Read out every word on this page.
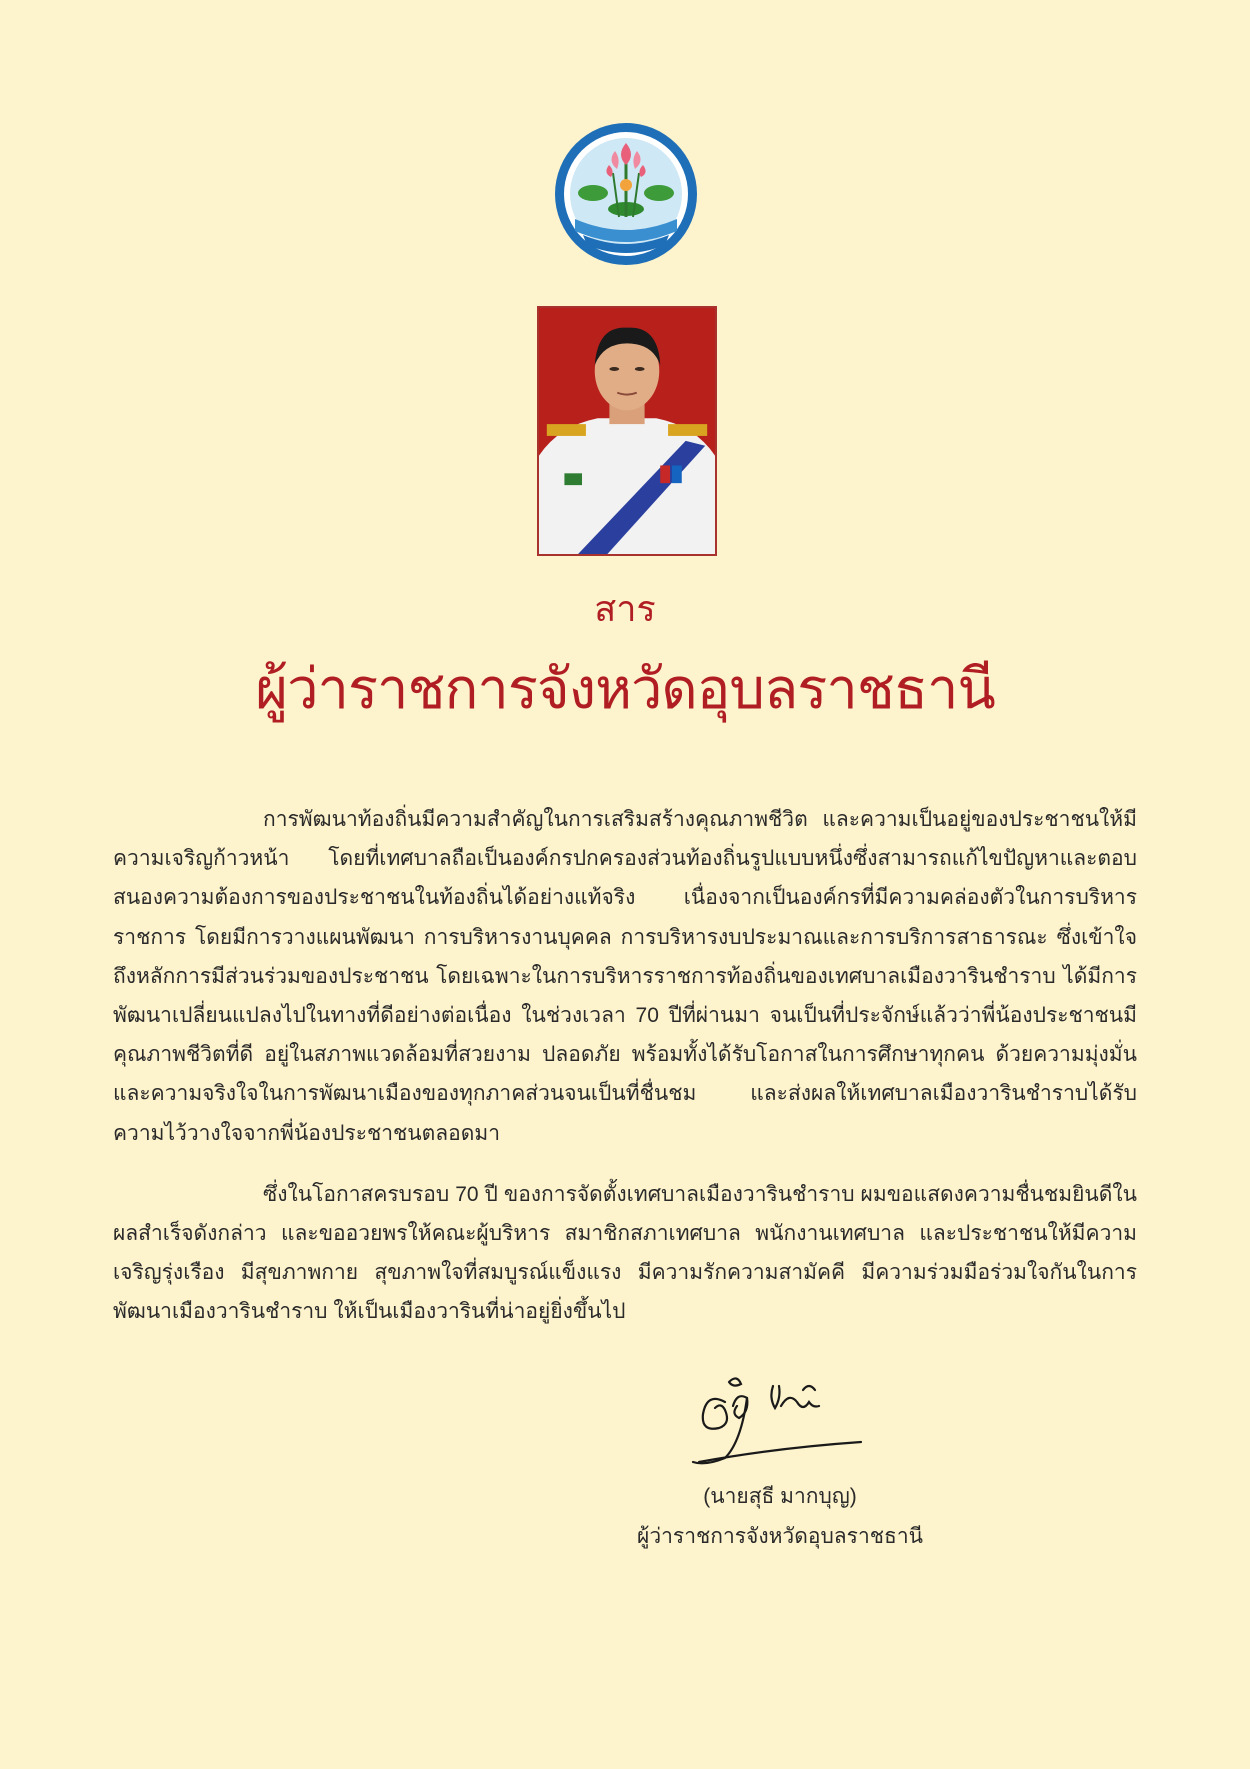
สาร
ผู้ว่าราชการจังหวัดอุบลราชธานี

การพัฒนาท้องถิ่นมีความสำคัญในการเสริมสร้างคุณภาพชีวิต และความเป็นอยู่ของประชาชนให้มีความเจริญก้าวหน้า โดยที่เทศบาลถือเป็นองค์กรปกครองส่วนท้องถิ่นรูปแบบหนึ่งซึ่งสามารถแก้ไขปัญหาและตอบสนองความต้องการของประชาชนในท้องถิ่นได้อย่างแท้จริง เนื่องจากเป็นองค์กรที่มีความคล่องตัวในการบริหารราชการ โดยมีการวางแผนพัฒนา การบริหารงานบุคคล การบริหารงบประมาณและการบริการสาธารณะ ซึ่งเข้าใจถึงหลักการมีส่วนร่วมของประชาชน โดยเฉพาะในการบริหารราชการท้องถิ่นของเทศบาลเมืองวารินชำราบ ได้มีการพัฒนาเปลี่ยนแปลงไปในทางที่ดีอย่างต่อเนื่อง ในช่วงเวลา 70 ปีที่ผ่านมา จนเป็นที่ประจักษ์แล้วว่าพี่น้องประชาชนมีคุณภาพชีวิตที่ดี อยู่ในสภาพแวดล้อมที่สวยงาม ปลอดภัย พร้อมทั้งได้รับโอกาสในการศึกษาทุกคน ด้วยความมุ่งมั่นและความจริงใจในการพัฒนาเมืองของทุกภาคส่วนจนเป็นที่ชื่นชม และส่งผลให้เทศบาลเมืองวารินชำราบได้รับความไว้วางใจจากพี่น้องประชาชนตลอดมา

ซึ่งในโอกาสครบรอบ 70 ปี ของการจัดตั้งเทศบาลเมืองวารินชำราบ ผมขอแสดงความชื่นชมยินดีในผลสำเร็จดังกล่าว และขออวยพรให้คณะผู้บริหาร สมาชิกสภาเทศบาล พนักงานเทศบาล และประชาชนให้มีความเจริญรุ่งเรือง มีสุขภาพกาย สุขภาพใจที่สมบูรณ์แข็งแรง มีความรักความสามัคคี มีความร่วมมือร่วมใจกันในการพัฒนาเมืองวารินชำราบ ให้เป็นเมืองวารินที่น่าอยู่ยิ่งขึ้นไป

(นายสุธี มากบุญ)
ผู้ว่าราชการจังหวัดอุบลราชธานี
